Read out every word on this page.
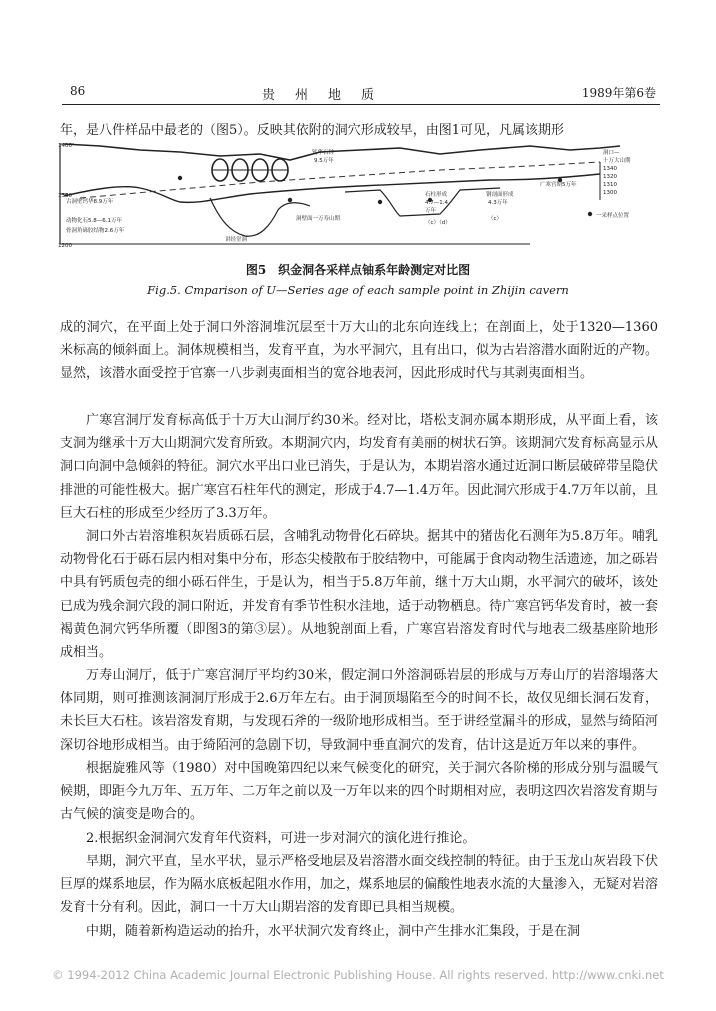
86	贵州地质	1989年第6卷

年，是八件样品中最老的（图5）。反映其依附的洞穴形成较早，由图1可见，凡属该期形

1400
1300
1200
洞口—
十万大山期
1340
1320
1310
1300
钙华石钟
9.5万年
古洞壁钙华8.9万年
动物化石5.8—6.1万年
骨洞角砾胶结物2.6万年
讲经堂洞
洞壁面一万寿山期
石柱形成
4.7—1.4
万年
（c）（d）
钢剖面形成
4.3万年
（c）
广寒宫期5万年
一采样点位置
图5　织金洞各采样点铀系年龄测定对比图
Fig.5. Cmparison of U—Series age of each sample point in Zhijin cavern

成的洞穴，在平面上处于洞口外溶洞堆沉层至十万大山的北东向连线上；在剖面上，处于1320—1360米标高的倾斜面上。洞体规模相当，发育平直，为水平洞穴，且有出口，似为古岩溶潜水面附近的产物。显然，该潜水面受控于官寨一八步剥夷面相当的宽谷地表河，因此形成时代与其剥夷面相当。

广寒宫洞厅发育标高低于十万大山洞厅约30米。经对比，塔松支洞亦属本期形成，从平面上看，该支洞为继承十万大山期洞穴发育所致。本期洞穴内，均发育有美丽的树状石笋。该期洞穴发育标高显示从洞口向洞中急倾斜的特征。洞穴水平出口业已消失，于是认为，本期岩溶水通过近洞口断层破碎带呈隐伏排泄的可能性极大。据广寒宫石柱年代的测定，形成于4.7—1.4万年。因此洞穴形成于4.7万年以前，且巨大石柱的形成至少经历了3.3万年。

洞口外古岩溶堆积灰岩质砾石层，含哺乳动物骨化石碎块。据其中的猪齿化石测年为5.8万年。哺乳动物骨化石于砾石层内相对集中分布，形态尖棱散布于胶结物中，可能属于食肉动物生活遗迹，加之砾岩中具有钙质包壳的细小砾石伴生，于是认为，相当于5.8万年前，继十万大山期，水平洞穴的破坏，该处已成为残余洞穴段的洞口附近，并发育有季节性积水洼地，适于动物栖息。待广寒宫钙华发育时，被一套褐黄色洞穴钙华所覆（即图3的第③层）。从地貌剖面上看，广寒宫岩溶发育时代与地表二级基座阶地形成相当。

万寿山洞厅，低于广寒宫洞厅平均约30米，假定洞口外溶洞砾岩层的形成与万寿山厅的岩溶塌落大体同期，则可推测该洞洞厅形成于2.6万年左右。由于洞顶塌陷至今的时间不长，故仅见细长洞石发育，未长巨大石柱。该岩溶发育期，与发现石斧的一级阶地形成相当。至于讲经堂漏斗的形成，显然与绮陌河深切谷地形成相当。由于绮陌河的急剧下切，导致洞中垂直洞穴的发育，估计这是近万年以来的事件。

根据旋雅风等（1980）对中国晚第四纪以来气候变化的研究，关于洞穴各阶梯的形成分别与温暖气候期，即距今九万年、五万年、二万年之前以及一万年以来的四个时期相对应，表明这四次岩溶发育期与古气候的演变是吻合的。

2.根据织金洞洞穴发育年代资料，可进一步对洞穴的演化进行推论。

早期，洞穴平直，呈水平状，显示严格受地层及岩溶潜水面交线控制的特征。由于玉龙山灰岩段下伏巨厚的煤系地层，作为隔水底板起阻水作用，加之，煤系地层的偏酸性地表水流的大量渗入，无疑对岩溶发育十分有利。因此，洞口一十万大山期岩溶的发育即已具相当规模。

中期，随着新构造运动的抬升，水平状洞穴发育终止，洞中产生排水汇集段，于是在洞

© 1994-2012 China Academic Journal Electronic Publishing House. All rights reserved. http://www.cnki.net
